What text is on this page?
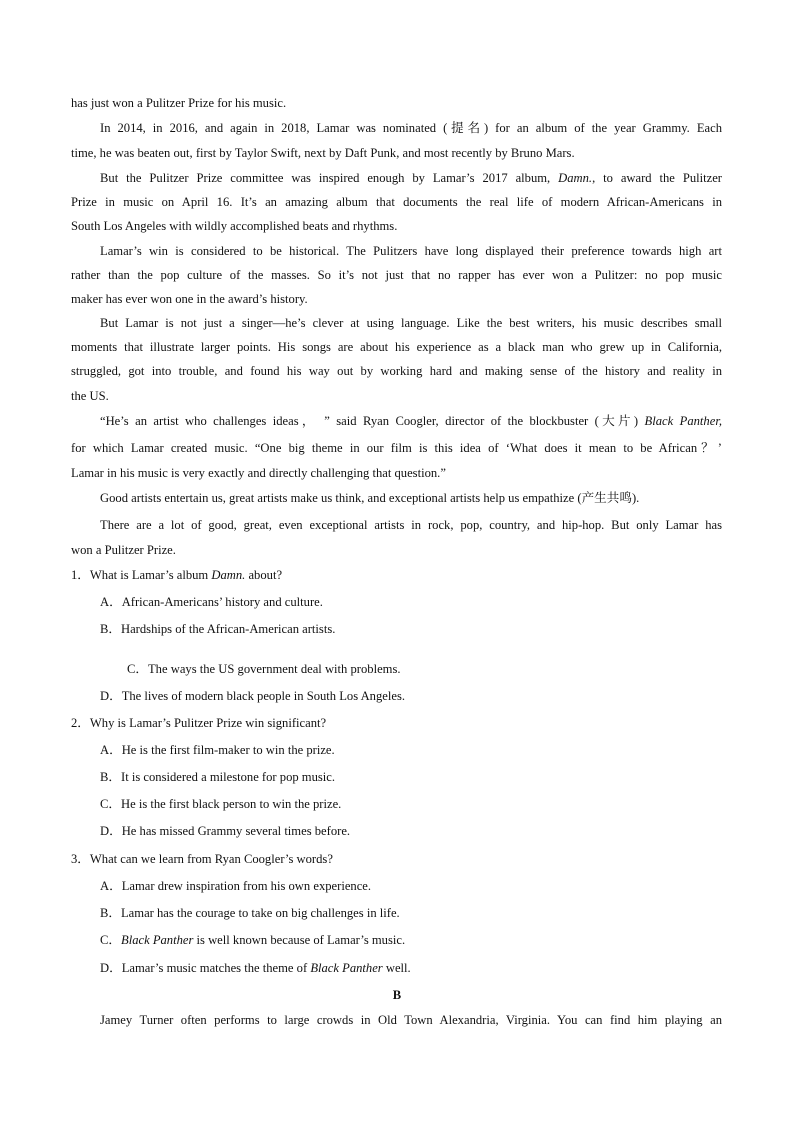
has just won a Pulitzer Prize for his music.
In 2014, in 2016, and again in 2018, Lamar was nominated (提名) for an album of the year Grammy. Each
time, he was beaten out, first by Taylor Swift, next by Daft Punk, and most recently by Bruno Mars.
But the Pulitzer Prize committee was inspired enough by Lamar’s 2017 album, Damn., to award the Pulitzer
Prize in music on April 16. It’s an amazing album that documents the real life of modern African-Americans in
South Los Angeles with wildly accomplished beats and rhythms.
Lamar’s win is considered to be historical. The Pulitzers have long displayed their preference towards high art
rather than the pop culture of the masses. So it’s not just that no rapper has ever won a Pulitzer: no pop music
maker has ever won one in the award’s history.
But Lamar is not just a singer—he’s clever at using language. Like the best writers, his music describes small
moments that illustrate larger points. His songs are about his experience as a black man who grew up in California,
struggled, got into trouble, and found his way out by working hard and making sense of the history and reality in
the US.
“He’s an artist who challenges ideas， ” said Ryan Coogler, director of the blockbuster (大片) Black Panther,
for which Lamar created music. “One big theme in our film is this idea of ‘What does it mean to be African？’
Lamar in his music is very exactly and directly challenging that question.”
Good artists entertain us, great artists make us think, and exceptional artists help us empathize (产生共鸣).
There are a lot of good, great, even exceptional artists in rock, pop, country, and hip-hop. But only Lamar has
won a Pulitzer Prize.
1．What is Lamar’s album Damn. about?
A．African-Americans’ history and culture.
B．Hardships of the African-American artists.
C．The ways the US government deal with problems.
D．The lives of modern black people in South Los Angeles.
2．Why is Lamar’s Pulitzer Prize win significant?
A．He is the first film-maker to win the prize.
B．It is considered a milestone for pop music.
C．He is the first black person to win the prize.
D．He has missed Grammy several times before.
3．What can we learn from Ryan Coogler’s words?
A．Lamar drew inspiration from his own experience.
B．Lamar has the courage to take on big challenges in life.
C．Black Panther is well known because of Lamar’s music.
D．Lamar’s music matches the theme of Black Panther well.
B
Jamey Turner often performs to large crowds in Old Town Alexandria, Virginia. You can find him playing an
